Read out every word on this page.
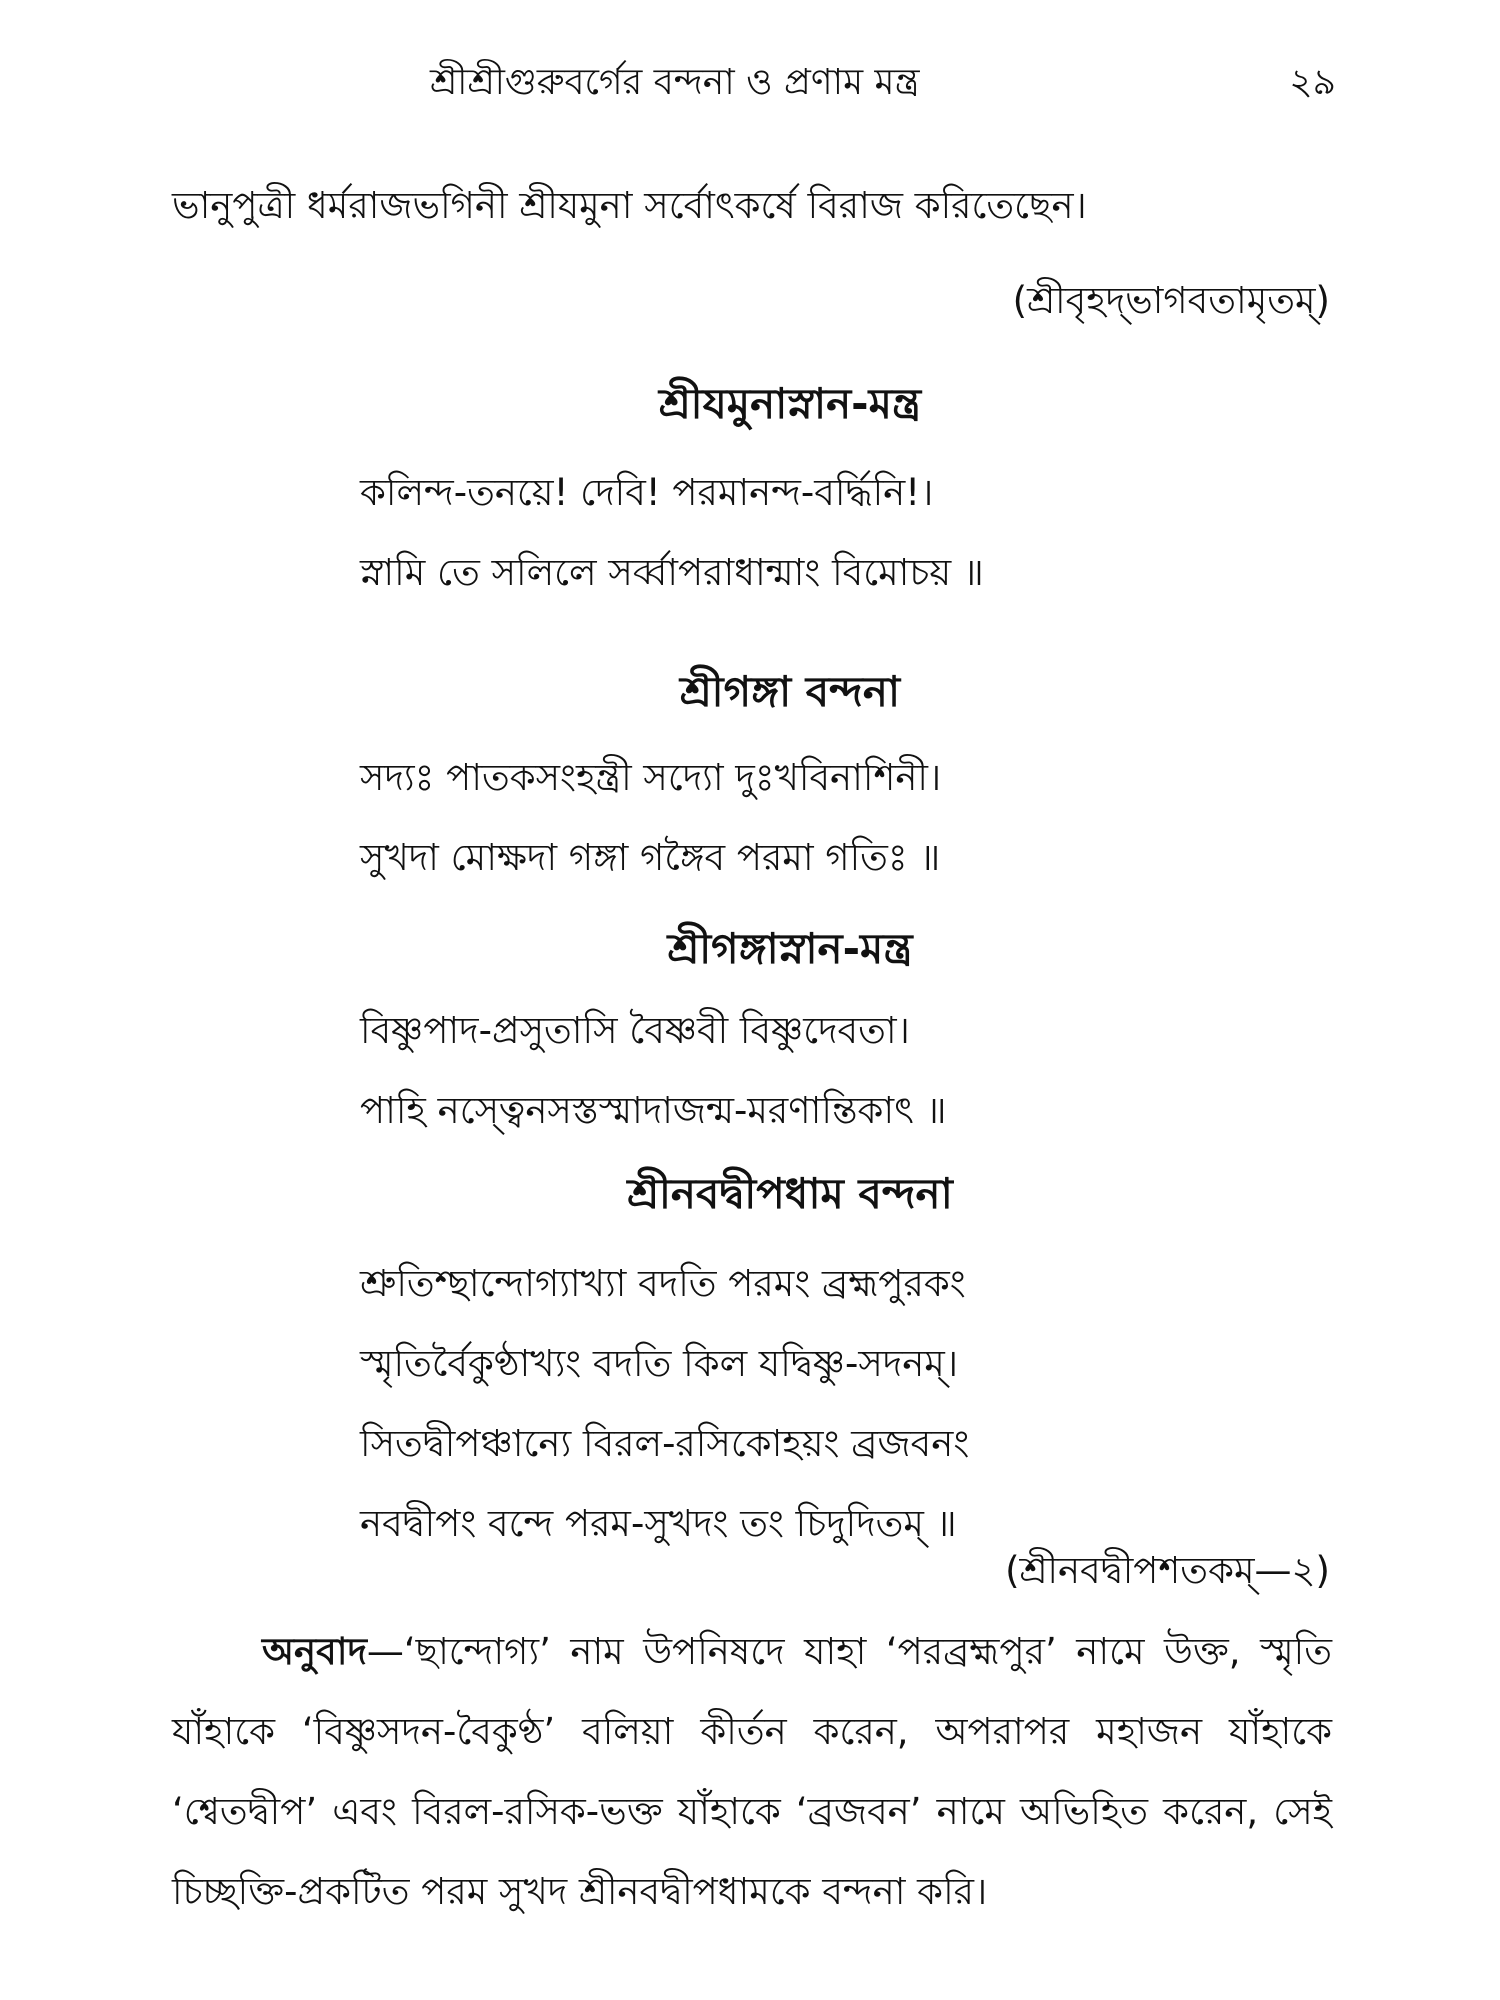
শ্রীশ্রীগুরুবর্গের বন্দনা ও প্রণাম মন্ত্র	২৯
ভানুপুত্রী ধর্মরাজভগিনী শ্রীযমুনা সর্বোৎকর্ষে বিরাজ করিতেছেন।
(শ্রীবৃহদ্‌ভাগবতামৃতম্‌)
শ্রীযমুনাস্নান-মন্ত্র
কলিন্দ-তনয়ে! দেবি! পরমানন্দ-বর্দ্ধিনি!।
স্নামি তে সলিলে সর্ব্বাপরাধান্মাং বিমোচয় ॥
শ্রীগঙ্গা বন্দনা
সদ্যঃ পাতকসংহন্ত্রী সদ্যো দুঃখবিনাশিনী।
সুখদা মোক্ষদা গঙ্গা গঙ্গৈব পরমা গতিঃ ॥
শ্রীগঙ্গাস্নান-মন্ত্র
বিষ্ণুপাদ-প্রসুতাসি বৈষ্ণবী বিষ্ণুদেবতা।
পাহি নস্ত্বেনসস্তস্মাদাজন্ম-মরণান্তিকাৎ ॥
শ্রীনবদ্বীপধাম বন্দনা
শ্রুতিশ্ছান্দোগ্যাখ্যা বদতি পরমং ব্রহ্মপুরকং
স্মৃতির্বৈকুণ্ঠাখ্যং বদতি কিল যদ্বিষ্ণু-সদনম্‌।
সিতদ্বীপঞ্চান্যে বিরল-রসিকোহয়ং ব্রজবনং
নবদ্বীপং বন্দে পরম-সুখদং তং চিদুদিতম্‌ ॥
(শ্রীনবদ্বীপশতকম্‌—২)

অনুবাদ—‘ছান্দোগ্য’ নাম উপনিষদে যাহা ‘পরব্রহ্মপুর’ নামে উক্ত, স্মৃতি যাঁহাকে ‘বিষ্ণুসদন-বৈকুণ্ঠ’ বলিয়া কীর্তন করেন, অপরাপর মহাজন যাঁহাকে ‘শ্বেতদ্বীপ’ এবং বিরল-রসিক-ভক্ত যাঁহাকে ‘ব্রজবন’ নামে অভিহিত করেন, সেই চিচ্ছক্তি-প্রকটিত পরম সুখদ শ্রীনবদ্বীপধামকে বন্দনা করি।
